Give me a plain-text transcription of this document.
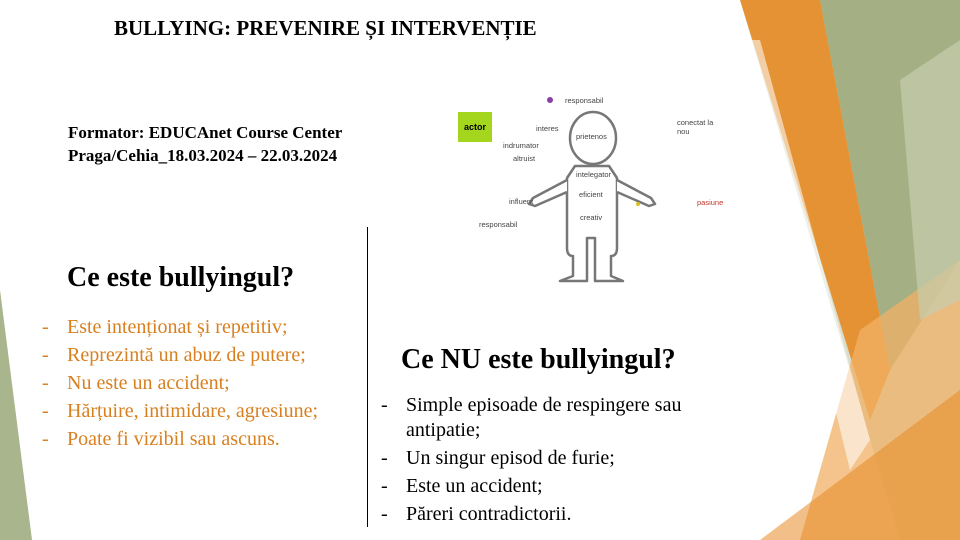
BULLYING: PREVENIRE ȘI INTERVENȚIE
Formator: EDUCAnet Course Center
Praga/Cehia_18.03.2024 – 22.03.2024
actor
responsabil
conectat la
nou
interes
prietenos
indrumator
altruist
intelegator
eficient
influent
creativ
pasiune
responsabil
Ce este bullyingul?
- Este intenționat și repetitiv;
- Reprezintă un abuz de putere;
- Nu este un accident;
- Hărțuire, intimidare, agresiune;
- Poate fi vizibil sau ascuns.
Ce NU este bullyingul?
- Simple episoade de respingere sau antipatie;
- Un singur episod de furie;
- Este un accident;
- Păreri contradictorii.
